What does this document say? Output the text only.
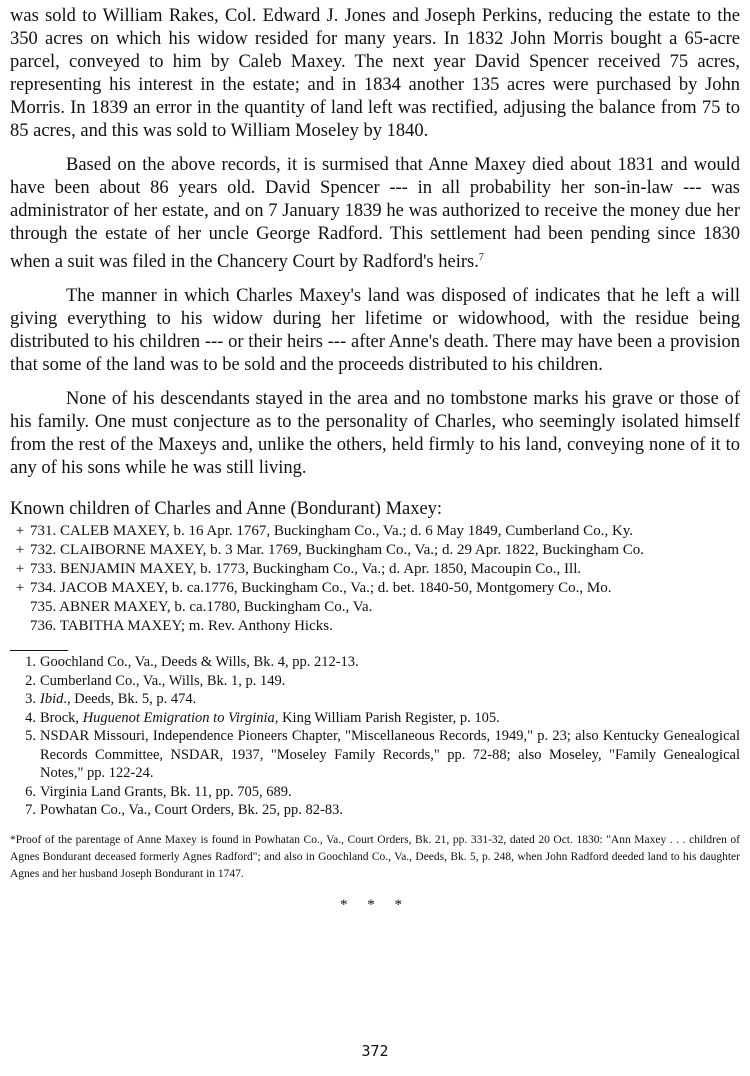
was sold to William Rakes, Col. Edward J. Jones and Joseph Perkins, reducing the estate to the 350 acres on which his widow resided for many years. In 1832 John Morris bought a 65-acre parcel, conveyed to him by Caleb Maxey. The next year David Spencer received 75 acres, representing his interest in the estate; and in 1834 another 135 acres were purchased by John Morris. In 1839 an error in the quantity of land left was rectified, adjusing the balance from 75 to 85 acres, and this was sold to William Moseley by 1840.

Based on the above records, it is surmised that Anne Maxey died about 1831 and would have been about 86 years old. David Spencer --- in all probability her son-in-law --- was administrator of her estate, and on 7 January 1839 he was authorized to receive the money due her through the estate of her uncle George Radford. This settlement had been pending since 1830 when a suit was filed in the Chancery Court by Radford's heirs.$^7$

The manner in which Charles Maxey's land was disposed of indicates that he left a will giving everything to his widow during her lifetime or widowhood, with the residue being distributed to his children --- or their heirs --- after Anne's death. There may have been a provision that some of the land was to be sold and the proceeds distributed to his children.

None of his descendants stayed in the area and no tombstone marks his grave or those of his family. One must conjecture as to the personality of Charles, who seemingly isolated himself from the rest of the Maxeys and, unlike the others, held firmly to his land, conveying none of it to any of his sons while he was still living.

Known children of Charles and Anne (Bondurant) Maxey:
+ 731. CALEB MAXEY, b. 16 Apr. 1767, Buckingham Co., Va.; d. 6 May 1849, Cumberland Co., Ky.
+ 732. CLAIBORNE MAXEY, b. 3 Mar. 1769, Buckingham Co., Va.; d. 29 Apr. 1822, Buckingham Co.
+ 733. BENJAMIN MAXEY, b. 1773, Buckingham Co., Va.; d. Apr. 1850, Macoupin Co., Ill.
+ 734. JACOB MAXEY, b. ca.1776, Buckingham Co., Va.; d. bet. 1840-50, Montgomery Co., Mo.
735. ABNER MAXEY, b. ca.1780, Buckingham Co., Va.
736. TABITHA MAXEY; m. Rev. Anthony Hicks.
1. Goochland Co., Va., Deeds & Wills, Bk. 4, pp. 212-13.
2. Cumberland Co., Va., Wills, Bk. 1, p. 149.
3. Ibid., Deeds, Bk. 5, p. 474.
4. Brock, Huguenot Emigration to Virginia, King William Parish Register, p. 105.
5. NSDAR Missouri, Independence Pioneers Chapter, "Miscellaneous Records, 1949," p. 23; also Kentucky Genealogical Records Committee, NSDAR, 1937, "Moseley Family Records," pp. 72-88; also Moseley, "Family Genealogical Notes," pp. 122-24.
6. Virginia Land Grants, Bk. 11, pp. 705, 689.
7. Powhatan Co., Va., Court Orders, Bk. 25, pp. 82-83.
*Proof of the parentage of Anne Maxey is found in Powhatan Co., Va., Court Orders, Bk. 21, pp. 331-32, dated 20 Oct. 1830: "Ann Maxey . . . children of Agnes Bondurant deceased formerly Agnes Radford"; and also in Goochland Co., Va., Deeds, Bk. 5, p. 248, when John Radford deeded land to his daughter Agnes and her husband Joseph Bondurant in 1747.
* * *
372
